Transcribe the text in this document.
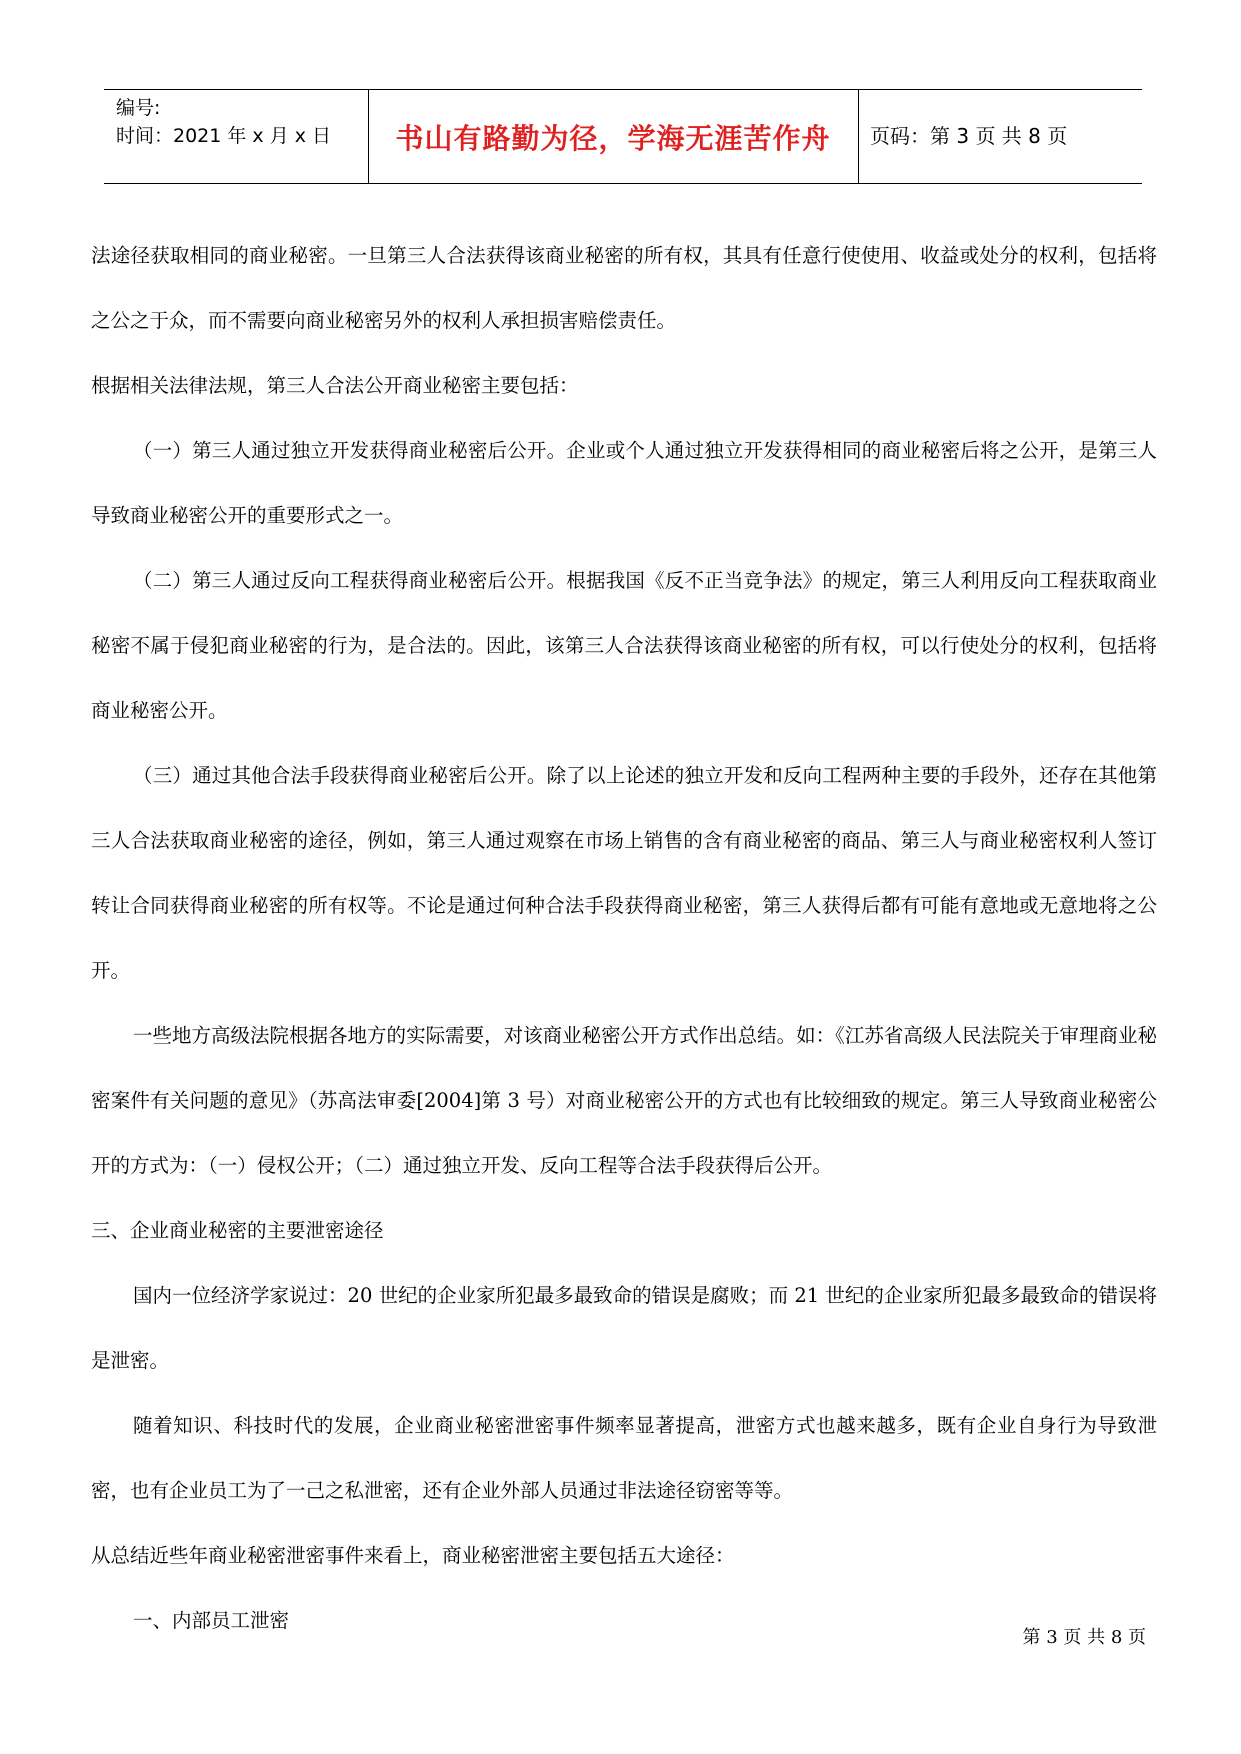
编号:
时间：2021 年 x 月 x 日	书山有路勤为径，学海无涯苦作舟	页码：第 3 页 共 8 页

法途径获取相同的商业秘密。一旦第三人合法获得该商业秘密的所有权，其具有任意行使使用、收益或处分的权利，包括将之公之于众，而不需要向商业秘密另外的权利人承担损害赔偿责任。

根据相关法律法规，第三人合法公开商业秘密主要包括：

（一）第三人通过独立开发获得商业秘密后公开。企业或个人通过独立开发获得相同的商业秘密后将之公开，是第三人导致商业秘密公开的重要形式之一。

（二）第三人通过反向工程获得商业秘密后公开。根据我国《反不正当竞争法》的规定，第三人利用反向工程获取商业秘密不属于侵犯商业秘密的行为，是合法的。因此，该第三人合法获得该商业秘密的所有权，可以行使处分的权利，包括将商业秘密公开。

（三）通过其他合法手段获得商业秘密后公开。除了以上论述的独立开发和反向工程两种主要的手段外，还存在其他第三人合法获取商业秘密的途径，例如，第三人通过观察在市场上销售的含有商业秘密的商品、第三人与商业秘密权利人签订转让合同获得商业秘密的所有权等。不论是通过何种合法手段获得商业秘密，第三人获得后都有可能有意地或无意地将之公开。

一些地方高级法院根据各地方的实际需要，对该商业秘密公开方式作出总结。如：《江苏省高级人民法院关于审理商业秘密案件有关问题的意见》（苏高法审委[2004]第 3 号）对商业秘密公开的方式也有比较细致的规定。第三人导致商业秘密公开的方式为：（一）侵权公开；（二）通过独立开发、反向工程等合法手段获得后公开。

三、企业商业秘密的主要泄密途径

国内一位经济学家说过：20 世纪的企业家所犯最多最致命的错误是腐败；而 21 世纪的企业家所犯最多最致命的错误将是泄密。

随着知识、科技时代的发展，企业商业秘密泄密事件频率显著提高，泄密方式也越来越多，既有企业自身行为导致泄密，也有企业员工为了一己之私泄密，还有企业外部人员通过非法途径窃密等等。

从总结近些年商业秘密泄密事件来看上，商业秘密泄密主要包括五大途径：

一、内部员工泄密

第 3 页 共 8 页
